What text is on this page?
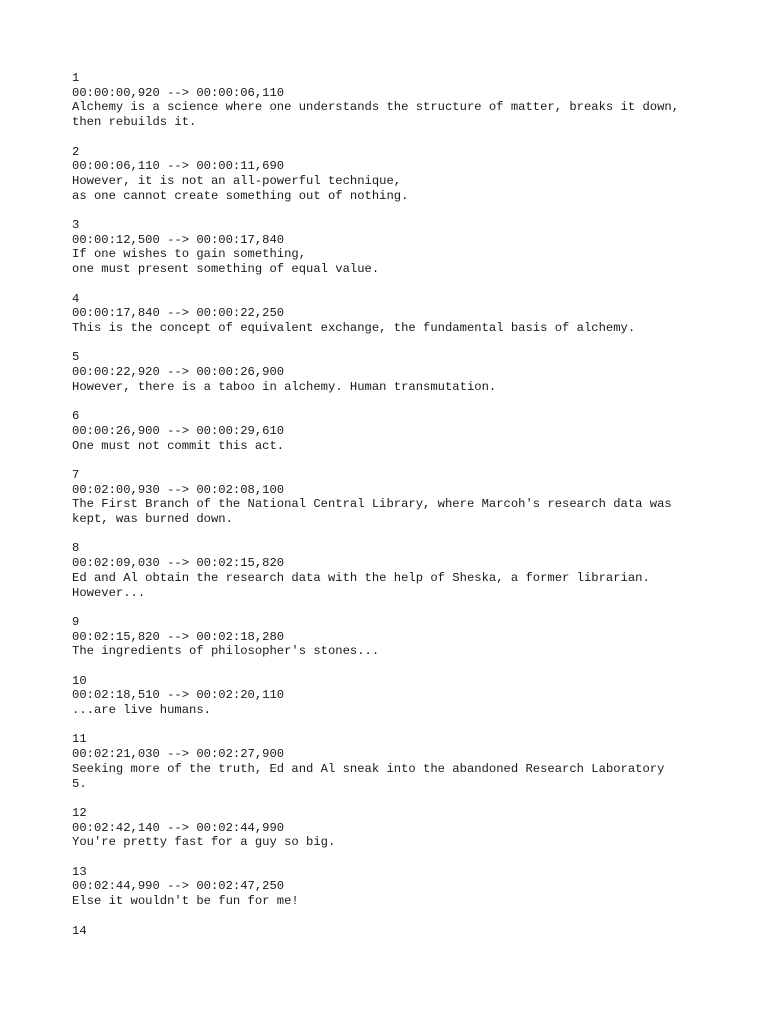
1
00:00:00,920 --> 00:00:06,110
Alchemy is a science where one understands the structure of matter, breaks it down,
then rebuilds it.
2
00:00:06,110 --> 00:00:11,690
However, it is not an all-powerful technique,
as one cannot create something out of nothing.
3
00:00:12,500 --> 00:00:17,840
If one wishes to gain something,
one must present something of equal value.
4
00:00:17,840 --> 00:00:22,250
This is the concept of equivalent exchange, the fundamental basis of alchemy.
5
00:00:22,920 --> 00:00:26,900
However, there is a taboo in alchemy. Human transmutation.
6
00:00:26,900 --> 00:00:29,610
One must not commit this act.
7
00:02:00,930 --> 00:02:08,100
The First Branch of the National Central Library, where Marcoh's research data was
kept, was burned down.
8
00:02:09,030 --> 00:02:15,820
Ed and Al obtain the research data with the help of Sheska, a former librarian.
However...
9
00:02:15,820 --> 00:02:18,280
The ingredients of philosopher's stones...
10
00:02:18,510 --> 00:02:20,110
...are live humans.
11
00:02:21,030 --> 00:02:27,900
Seeking more of the truth, Ed and Al sneak into the abandoned Research Laboratory
5.
12
00:02:42,140 --> 00:02:44,990
You're pretty fast for a guy so big.
13
00:02:44,990 --> 00:02:47,250
Else it wouldn't be fun for me!
14
